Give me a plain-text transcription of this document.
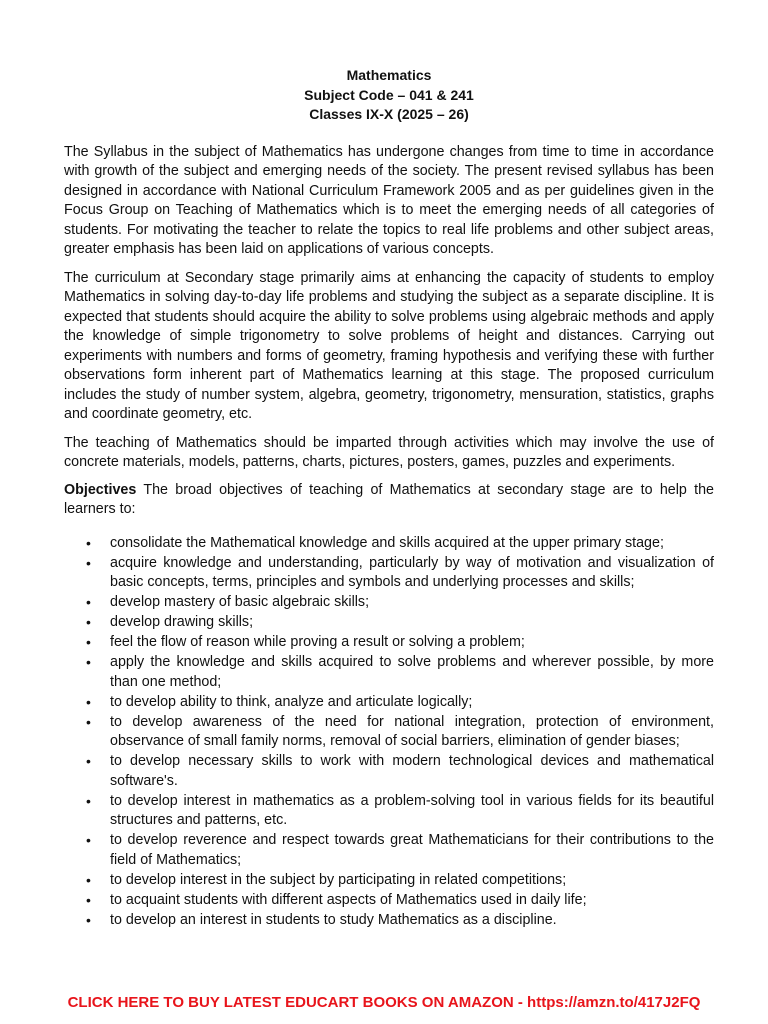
Mathematics
Subject Code – 041 & 241
Classes IX-X (2025 – 26)

The Syllabus in the subject of Mathematics has undergone changes from time to time in accordance with growth of the subject and emerging needs of the society. The present revised syllabus has been designed in accordance with National Curriculum Framework 2005 and as per guidelines given in the Focus Group on Teaching of Mathematics which is to meet the emerging needs of all categories of students. For motivating the teacher to relate the topics to real life problems and other subject areas, greater emphasis has been laid on applications of various concepts.

The curriculum at Secondary stage primarily aims at enhancing the capacity of students to employ Mathematics in solving day-to-day life problems and studying the subject as a separate discipline. It is expected that students should acquire the ability to solve problems using algebraic methods and apply the knowledge of simple trigonometry to solve problems of height and distances. Carrying out experiments with numbers and forms of geometry, framing hypothesis and verifying these with further observations form inherent part of Mathematics learning at this stage. The proposed curriculum includes the study of number system, algebra, geometry, trigonometry, mensuration, statistics, graphs and coordinate geometry, etc.

The teaching of Mathematics should be imparted through activities which may involve the use of concrete materials, models, patterns, charts, pictures, posters, games, puzzles and experiments.

Objectives The broad objectives of teaching of Mathematics at secondary stage are to help the learners to:

• consolidate the Mathematical knowledge and skills acquired at the upper primary stage;
• acquire knowledge and understanding, particularly by way of motivation and visualization of basic concepts, terms, principles and symbols and underlying processes and skills;
• develop mastery of basic algebraic skills;
• develop drawing skills;
• feel the flow of reason while proving a result or solving a problem;
• apply the knowledge and skills acquired to solve problems and wherever possible, by more than one method;
• to develop ability to think, analyze and articulate logically;
• to develop awareness of the need for national integration, protection of environment, observance of small family norms, removal of social barriers, elimination of gender biases;
• to develop necessary skills to work with modern technological devices and mathematical software's.
• to develop interest in mathematics as a problem-solving tool in various fields for its beautiful structures and patterns, etc.
• to develop reverence and respect towards great Mathematicians for their contributions to the field of Mathematics;
• to develop interest in the subject by participating in related competitions;
• to acquaint students with different aspects of Mathematics used in daily life;
• to develop an interest in students to study Mathematics as a discipline.
CLICK HERE TO BUY LATEST EDUCART BOOKS ON AMAZON - https://amzn.to/417J2FQ
